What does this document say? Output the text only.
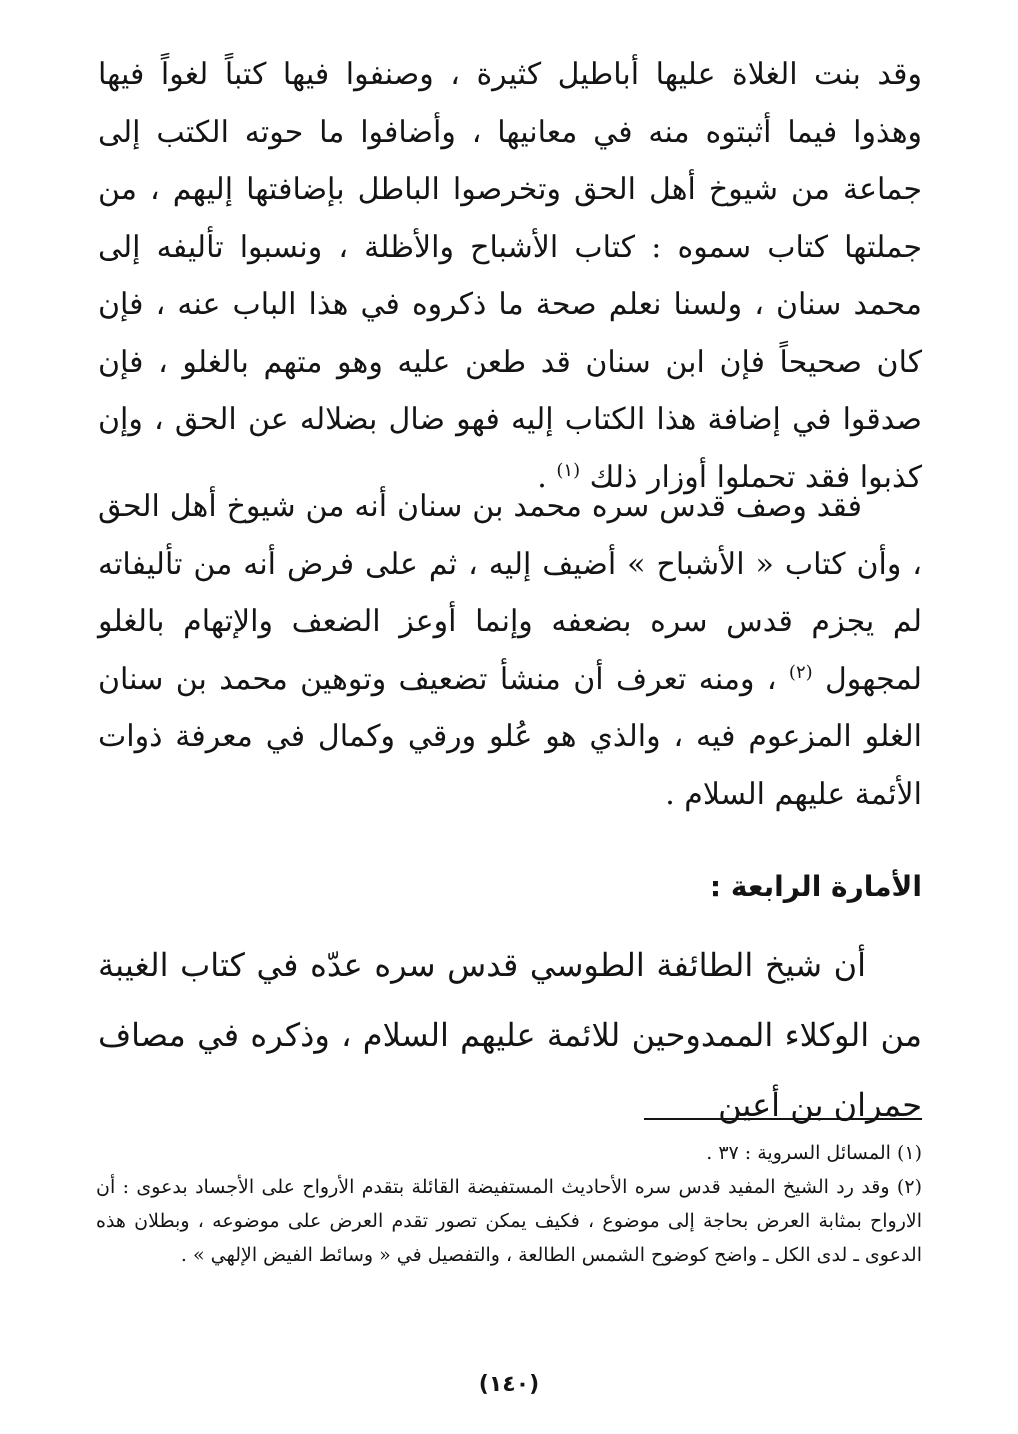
وقد بنت الغلاة عليها أباطيل كثيرة ، وصنفوا فيها كتباً لغواً فيها وهذوا فيما أثبتوه منه في معانيها ، وأضافوا ما حوته الكتب إلى جماعة من شيوخ أهل الحق وتخرصوا الباطل بإضافتها إليهم ، من جملتها كتاب سموه : كتاب الأشباح والأظلة ، ونسبوا تأليفه إلى محمد سنان ، ولسنا نعلم صحة ما ذكروه في هذا الباب عنه ، فإن كان صحيحاً فإن ابن سنان قد طعن عليه وهو متهم بالغلو ، فإن صدقوا في إضافة هذا الكتاب إليه فهو ضال بضلاله عن الحق ، وإن كذبوا فقد تحملوا أوزار ذلك $^{(١)}$ .

فقد وصف قدس سره محمد بن سنان أنه من شيوخ أهل الحق ، وأن كتاب « الأشباح » أضيف إليه ، ثم على فرض أنه من تأليفاته لم يجزم قدس سره بضعفه وإنما أوعز الضعف والإتهام بالغلو لمجهول $^{(٢)}$ ، ومنه تعرف أن منشأ تضعيف وتوهين محمد بن سنان الغلو المزعوم فيه ، والذي هو عُلو ورقي وكمال في معرفة ذوات الأئمة عليهم السلام .

الأمارة الرابعة :

أن شيخ الطائفة الطوسي قدس سره عدّه في كتاب الغيبة من الوكلاء الممدوحين للائمة عليهم السلام ، وذكره في مصاف حمران بن أعين

(١) المسائل السروية : ٣٧ .

(٢) وقد رد الشيخ المفيد قدس سره الأحاديث المستفيضة القائلة بتقدم الأرواح على الأجساد بدعوى : أن الارواح بمثابة العرض بحاجة إلى موضوع ، فكيف يمكن تصور تقدم العرض على موضوعه ، وبطلان هذه الدعوى ـ لدى الكل ـ واضح كوضوح الشمس الطالعة ، والتفصيل في « وسائط الفيض الإلهي » .

(١٤٠)
